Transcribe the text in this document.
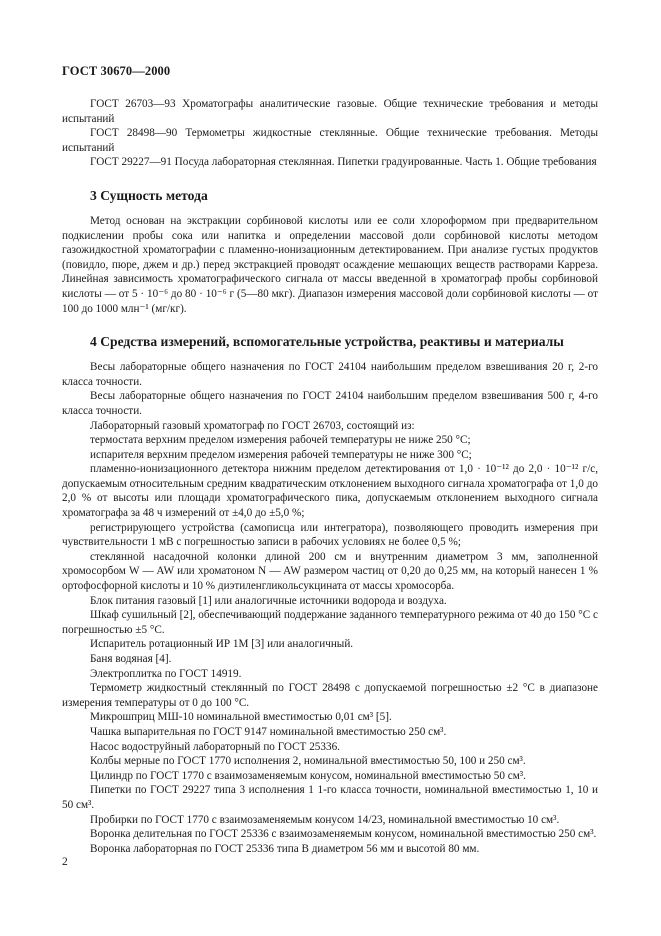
ГОСТ 30670—2000

ГОСТ 26703—93 Хроматографы аналитические газовые. Общие технические требования и методы испытаний

ГОСТ 28498—90 Термометры жидкостные стеклянные. Общие технические требования. Методы испытаний

ГОСТ 29227—91 Посуда лабораторная стеклянная. Пипетки градуированные. Часть 1. Общие требования

3 Сущность метода

Метод основан на экстракции сорбиновой кислоты или ее соли хлороформом при предварительном подкислении пробы сока или напитка и определении массовой доли сорбиновой кислоты методом газожидкостной хроматографии с пламенно-ионизационным детектированием. При анализе густых продуктов (повидло, пюре, джем и др.) перед экстракцией проводят осаждение мешающих веществ растворами Карреза. Линейная зависимость хроматографического сигнала от массы введенной в хроматограф пробы сорбиновой кислоты — от 5 · 10⁻⁶ до 80 · 10⁻⁶ г (5—80 мкг). Диапазон измерения массовой доли сорбиновой кислоты — от 100 до 1000 млн⁻¹ (мг/кг).

4 Средства измерений, вспомогательные устройства, реактивы и материалы

Весы лабораторные общего назначения по ГОСТ 24104 наибольшим пределом взвешивания 20 г, 2-го класса точности.

Весы лабораторные общего назначения по ГОСТ 24104 наибольшим пределом взвешивания 500 г, 4-го класса точности.

Лабораторный газовый хроматограф по ГОСТ 26703, состоящий из:

термостата верхним пределом измерения рабочей температуры не ниже 250 °С;

испарителя верхним пределом измерения рабочей температуры не ниже 300 °С;

пламенно-ионизационного детектора нижним пределом детектирования от 1,0 · 10⁻¹² до 2,0 · 10⁻¹² г/с, допускаемым относительным средним квадратическим отклонением выходного сигнала хроматографа от 1,0 до 2,0 % от высоты или площади хроматографического пика, допускаемым отклонением выходного сигнала хроматографа за 48 ч измерений от ±4,0 до ±5,0 %;

регистрирующего устройства (самописца или интегратора), позволяющего проводить измерения при чувствительности 1 мВ с погрешностью записи в рабочих условиях не более 0,5 %;

стеклянной насадочной колонки длиной 200 см и внутренним диаметром 3 мм, заполненной хромосорбом W — AW или хроматоном N — AW размером частиц от 0,20 до 0,25 мм, на который нанесен 1 % ортофосфорной кислоты и 10 % диэтиленгликольсукцината от массы хромосорба.

Блок питания газовый [1] или аналогичные источники водорода и воздуха.

Шкаф сушильный [2], обеспечивающий поддержание заданного температурного режима от 40 до 150 °С с погрешностью ±5 °С.

Испаритель ротационный ИР 1М [3] или аналогичный.

Баня водяная [4].

Электроплитка по ГОСТ 14919.

Термометр жидкостный стеклянный по ГОСТ 28498 с допускаемой погрешностью ±2 °С в диапазоне измерения температуры от 0 до 100 °С.

Микрошприц МШ-10 номинальной вместимостью 0,01 см³ [5].

Чашка выпарительная по ГОСТ 9147 номинальной вместимостью 250 см³.

Насос водоструйный лабораторный по ГОСТ 25336.

Колбы мерные по ГОСТ 1770 исполнения 2, номинальной вместимостью 50, 100 и 250 см³.

Цилиндр по ГОСТ 1770 с взаимозаменяемым конусом, номинальной вместимостью 50 см³.

Пипетки по ГОСТ 29227 типа 3 исполнения 1 1-го класса точности, номинальной вместимостью 1, 10 и 50 см³.

Пробирки по ГОСТ 1770 с взаимозаменяемым конусом 14/23, номинальной вместимостью 10 см³.

Воронка делительная по ГОСТ 25336 с взаимозаменяемым конусом, номинальной вместимостью 250 см³.

Воронка лабораторная по ГОСТ 25336 типа В диаметром 56 мм и высотой 80 мм.

2
